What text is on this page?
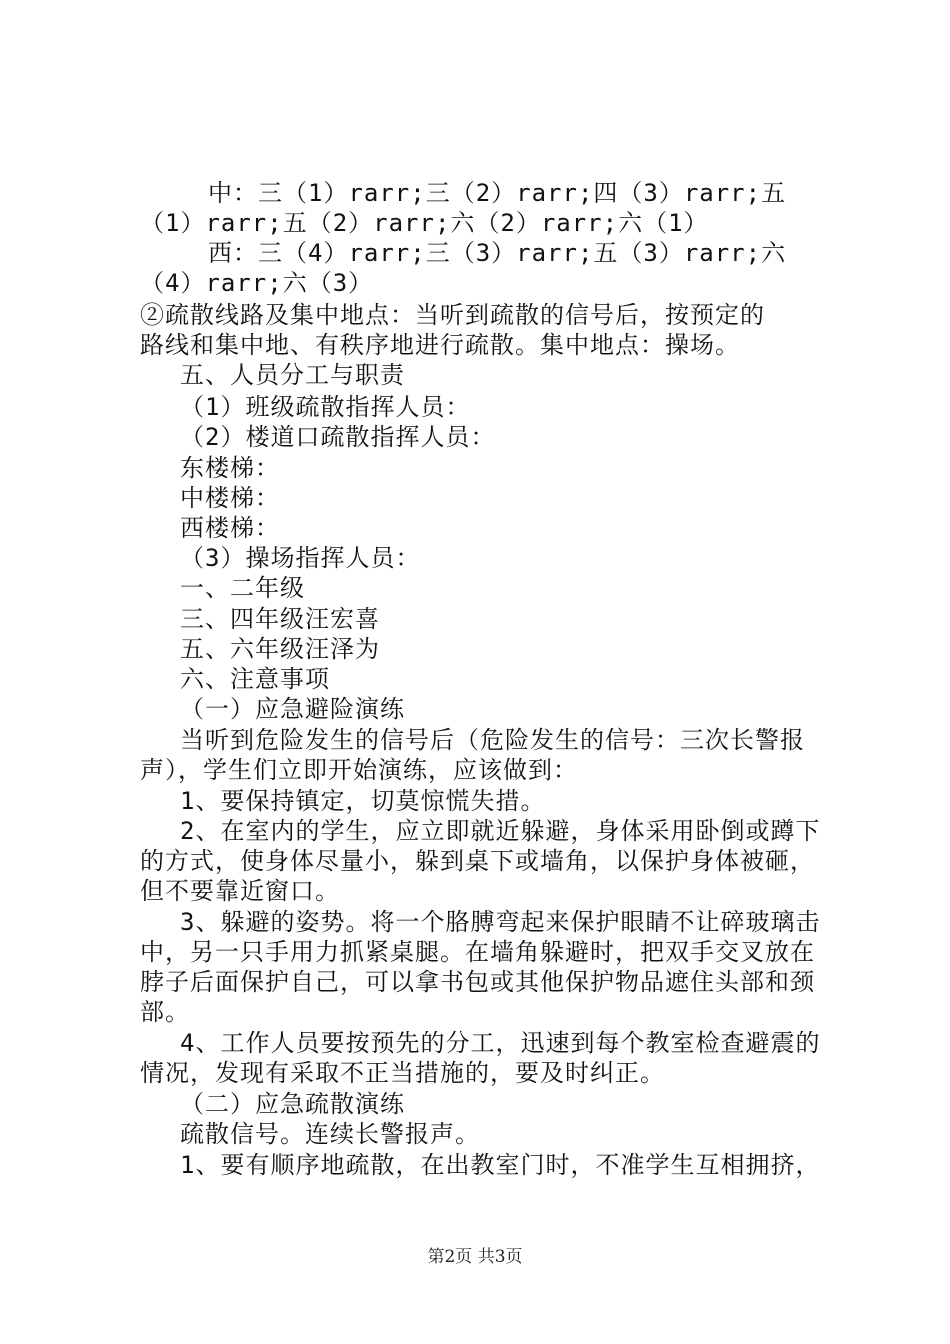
中：三（1）rarr;三（2）rarr;四（3）rarr;五
（1）rarr;五（2）rarr;六（2）rarr;六（1）
西：三（4）rarr;三（3）rarr;五（3）rarr;六
（4）rarr;六（3）
②疏散线路及集中地点：当听到疏散的信号后，按预定的
路线和集中地、有秩序地进行疏散。集中地点：操场。
五、人员分工与职责
（1）班级疏散指挥人员：
（2）楼道口疏散指挥人员：
东楼梯：
中楼梯：
西楼梯：
（3）操场指挥人员：
一、二年级
三、四年级汪宏喜
五、六年级汪泽为
六、注意事项
（一）应急避险演练
当听到危险发生的信号后（危险发生的信号：三次长警报
声），学生们立即开始演练，应该做到：
1、要保持镇定，切莫惊慌失措。
2、在室内的学生，应立即就近躲避，身体采用卧倒或蹲下
的方式，使身体尽量小，躲到桌下或墙角，以保护身体被砸，
但不要靠近窗口。
3、躲避的姿势。将一个胳膊弯起来保护眼睛不让碎玻璃击
中，另一只手用力抓紧桌腿。在墙角躲避时，把双手交叉放在
脖子后面保护自己，可以拿书包或其他保护物品遮住头部和颈
部。
4、工作人员要按预先的分工，迅速到每个教室检查避震的
情况，发现有采取不正当措施的，要及时纠正。
（二）应急疏散演练
疏散信号。连续长警报声。
1、要有顺序地疏散，在出教室门时，不准学生互相拥挤，
第2页 共3页
